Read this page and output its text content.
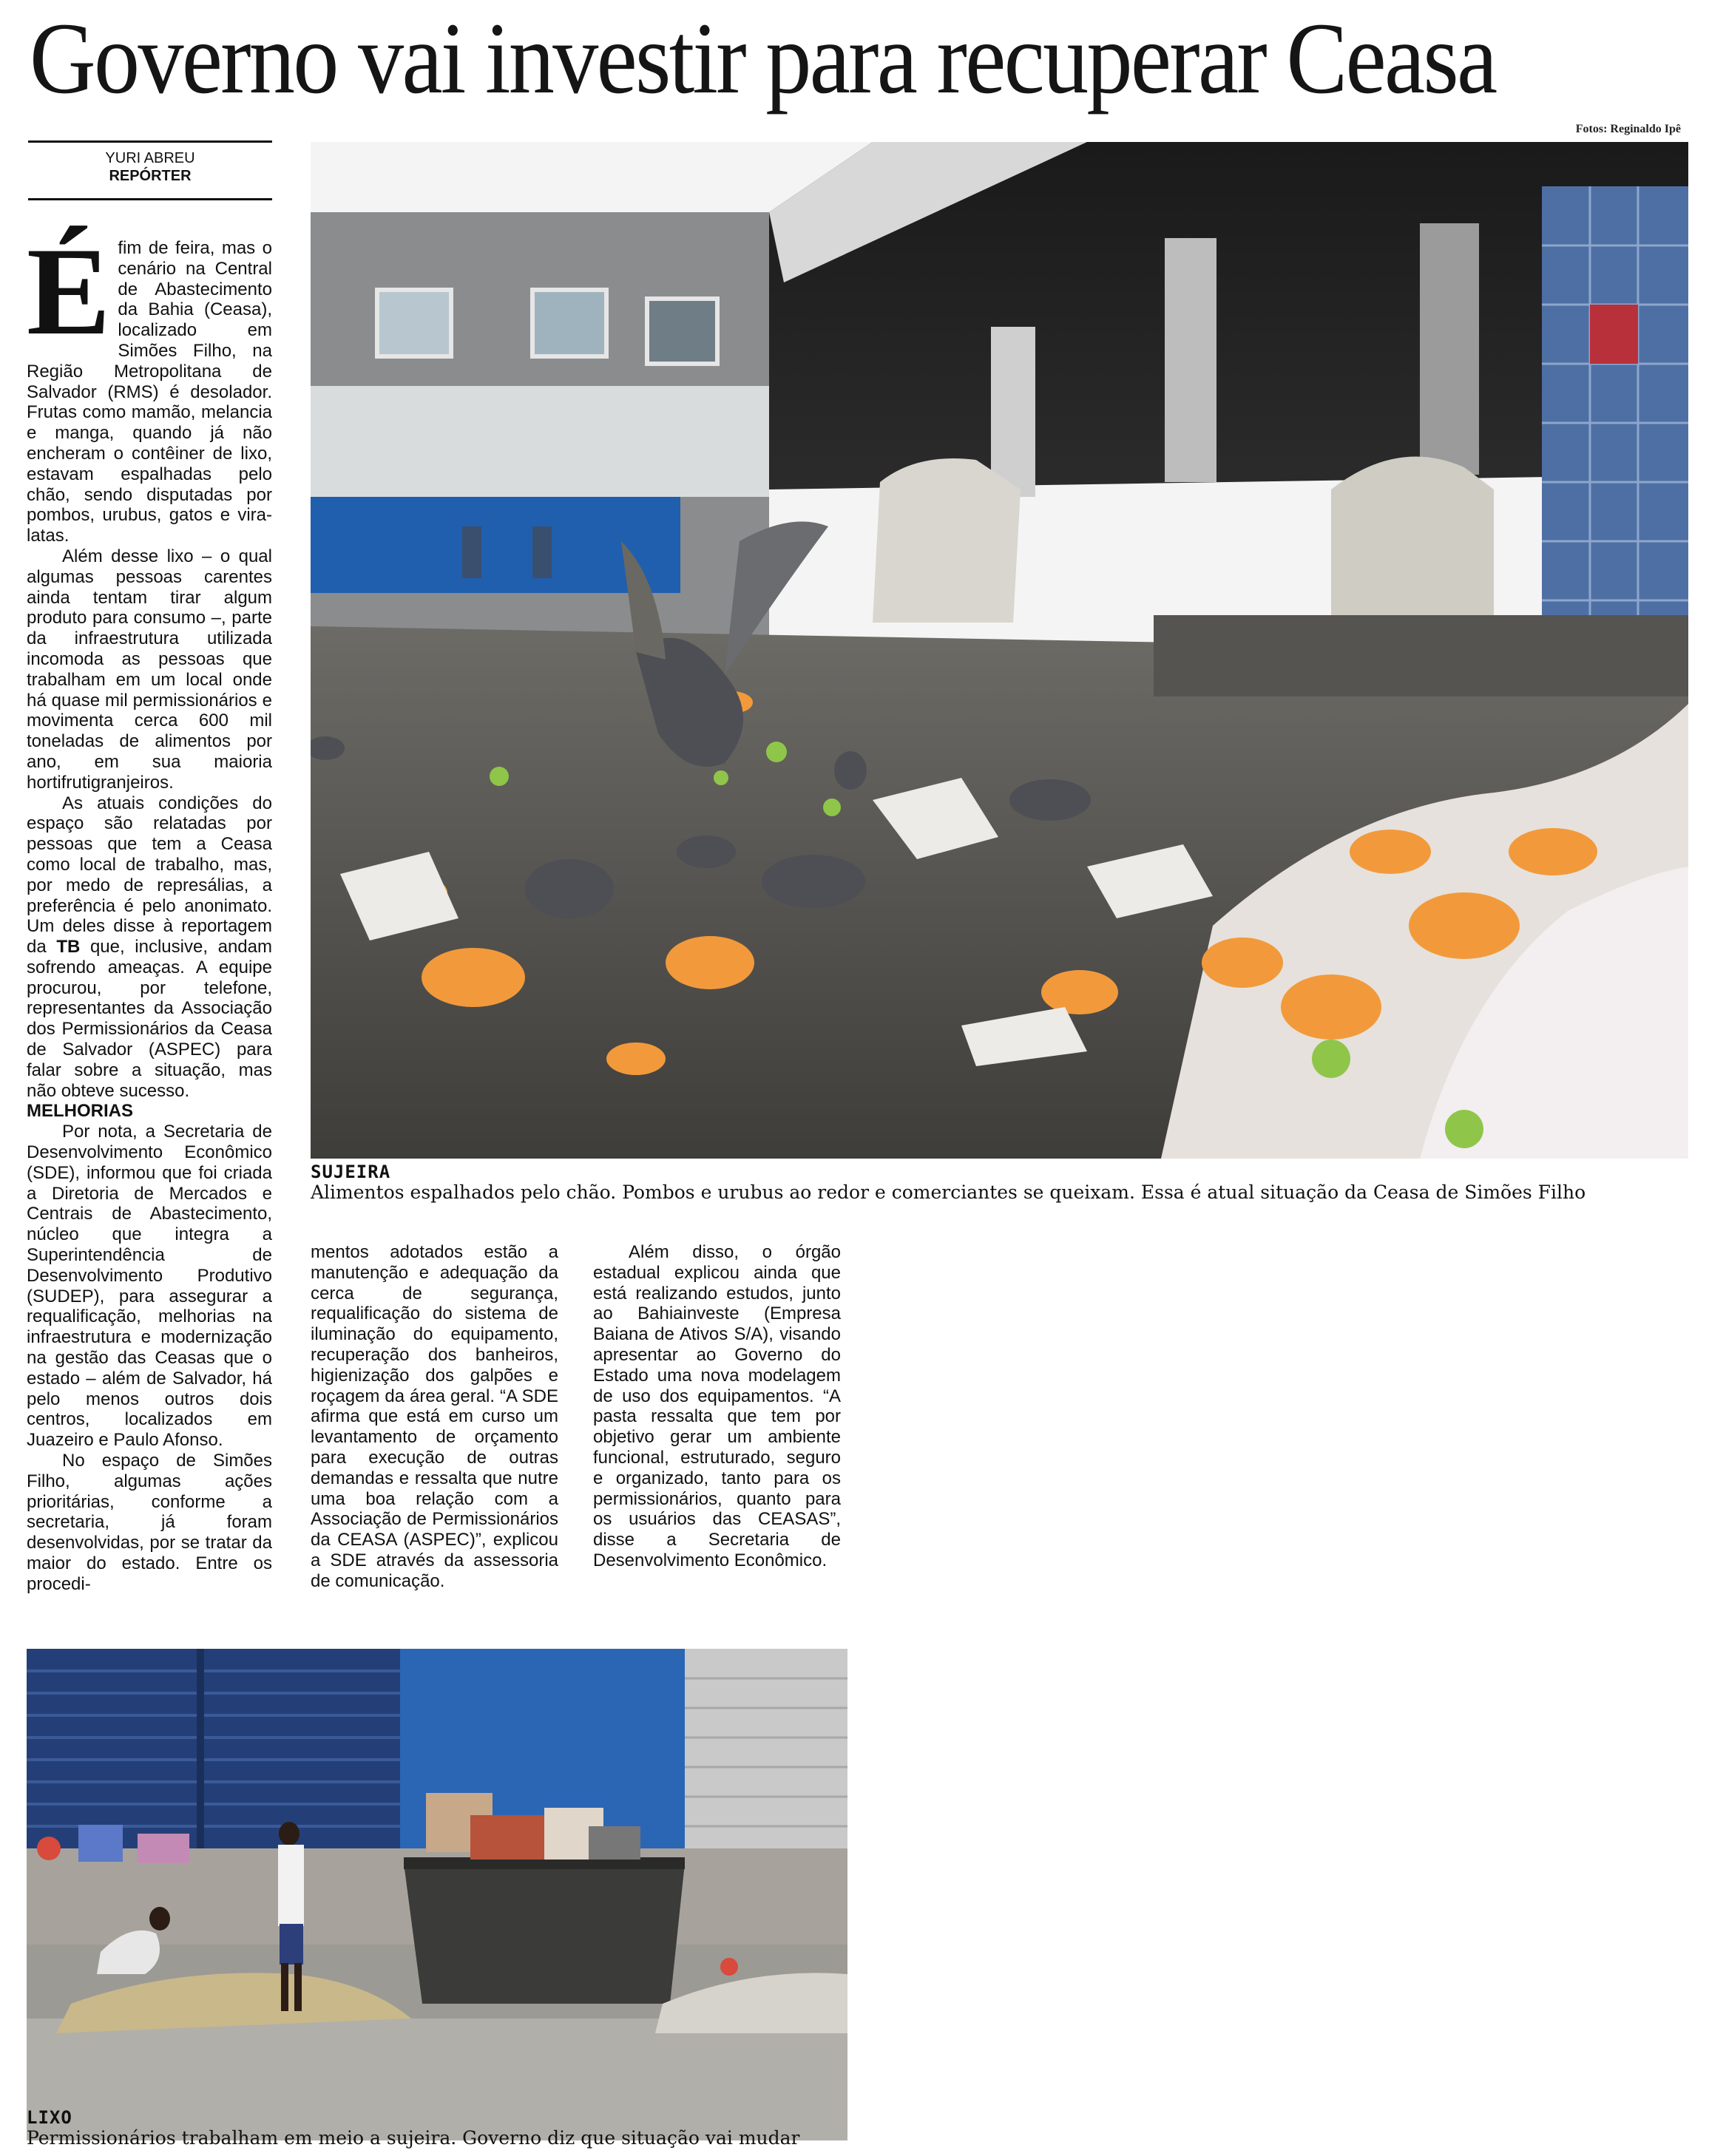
Governo vai investir para recuperar Ceasa
Fotos: Reginaldo Ipê
YURI ABREU
REPÓRTER

Éfim de feira, mas o cenário na Central de Abastecimento da Bahia (Ceasa), localizado em Simões Filho, na Região Metropolitana de Salvador (RMS) é desolador. Frutas como mamão, melancia e manga, quando já não encheram o contêiner de lixo, estavam espalhadas pelo chão, sendo disputadas por pombos, urubus, gatos e vira-latas.

Além desse lixo – o qual algumas pessoas carentes ainda tentam tirar algum produto para consumo –, parte da infraestrutura utilizada incomoda as pessoas que trabalham em um local onde há quase mil permissionários e movimenta cerca 600 mil toneladas de alimentos por ano, em sua maioria hortifrutigranjeiros.

As atuais condições do espaço são relatadas por pessoas que tem a Ceasa como local de trabalho, mas, por medo de represálias, a preferência é pelo anonimato. Um deles disse à reportagem da TB que, inclusive, andam sofrendo ameaças. A equipe procurou, por telefone, representantes da Associação dos Permissionários da Ceasa de Salvador (ASPEC) para falar sobre a situação, mas não obteve sucesso.

MELHORIAS

Por nota, a Secretaria de Desenvolvimento Econômico (SDE), informou que foi criada a Diretoria de Mercados e Centrais de Abastecimento, núcleo que integra a Superintendência de Desenvolvimento Produtivo (SUDEP), para assegurar a requalificação, melhorias na infraestrutura e modernização na gestão das Ceasas que o estado – além de Salvador, há pelo menos outros dois centros, localizados em Juazeiro e Paulo Afonso.

No espaço de Simões Filho, algumas ações prioritárias, conforme a secretaria, já foram desenvolvidas, por se tratar da maior do estado. Entre os procedi-

SUJEIRA
Alimentos espalhados pelo chão. Pombos e urubus ao redor e comerciantes se queixam. Essa é atual situação da Ceasa de Simões Filho

mentos adotados estão a manutenção e adequação da cerca de segurança, requalificação do sistema de iluminação do equipamento, recuperação dos banheiros, higienização dos galpões e roçagem da área geral. “A SDE afirma que está em curso um levantamento de orçamento para execução de outras demandas e ressalta que nutre uma boa relação com a Associação de Permissionários da CEASA (ASPEC)”, explicou a SDE através da assessoria de comunicação.

Além disso, o órgão estadual explicou ainda que está realizando estudos, junto ao Bahiainveste (Empresa Baiana de Ativos S/A), visando apresentar ao Governo do Estado uma nova modelagem de uso dos equipamentos. “A pasta ressalta que tem por objetivo gerar um ambiente funcional, estruturado, seguro e organizado, tanto para os permissionários, quanto para os usuários das CEASAS”, disse a Secretaria de Desenvolvimento Econômico.

LIXO
Permissionários trabalham em meio a sujeira. Governo diz que situação vai mudar
